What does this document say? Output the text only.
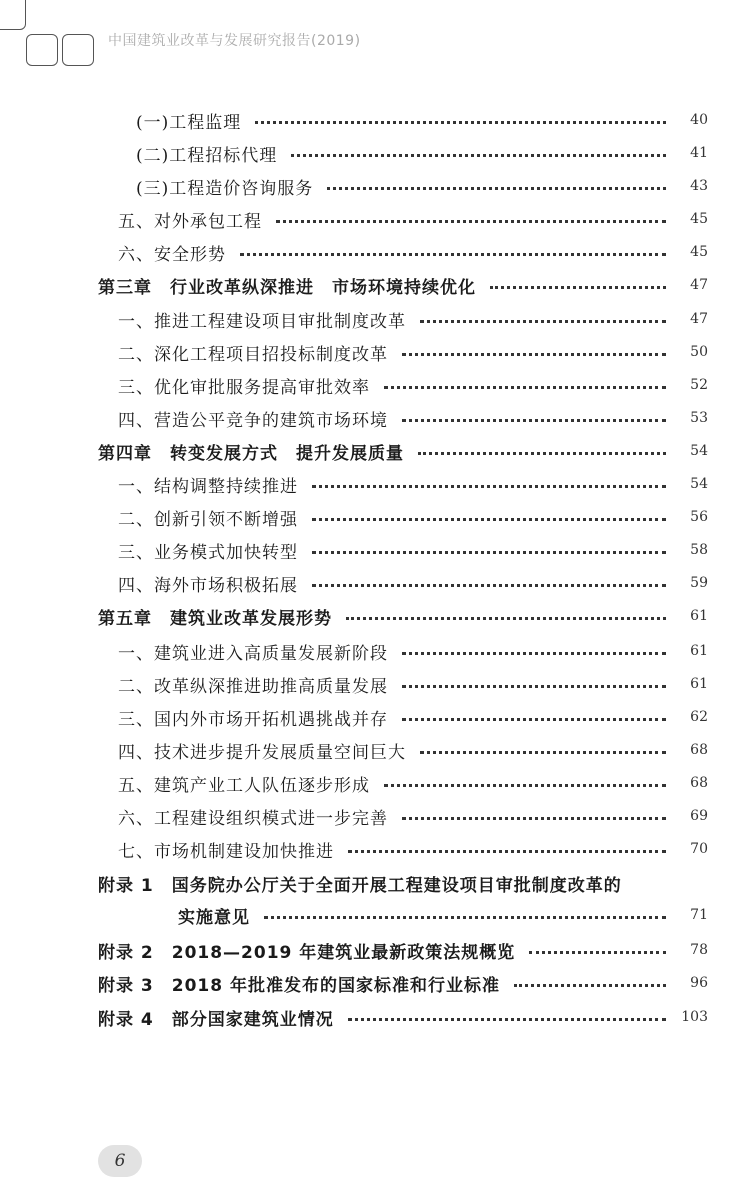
中国建筑业改革与发展研究报告(2019)
(一)工程监理	40
(二)工程招标代理	41
(三)工程造价咨询服务	43
五、对外承包工程	45
六、安全形势	45
第三章　行业改革纵深推进　市场环境持续优化	47
一、推进工程建设项目审批制度改革	47
二、深化工程项目招投标制度改革	50
三、优化审批服务提高审批效率	52
四、营造公平竞争的建筑市场环境	53
第四章　转变发展方式　提升发展质量	54
一、结构调整持续推进	54
二、创新引领不断增强	56
三、业务模式加快转型	58
四、海外市场积极拓展	59
第五章　建筑业改革发展形势	61
一、建筑业进入高质量发展新阶段	61
二、改革纵深推进助推高质量发展	61
三、国内外市场开拓机遇挑战并存	62
四、技术进步提升发展质量空间巨大	68
五、建筑产业工人队伍逐步形成	68
六、工程建设组织模式进一步完善	69
七、市场机制建设加快推进	70
附录 1　国务院办公厅关于全面开展工程建设项目审批制度改革的
实施意见	71
附录 2　2018—2019 年建筑业最新政策法规概览	78
附录 3　2018 年批准发布的国家标准和行业标准	96
附录 4　部分国家建筑业情况	103
6
